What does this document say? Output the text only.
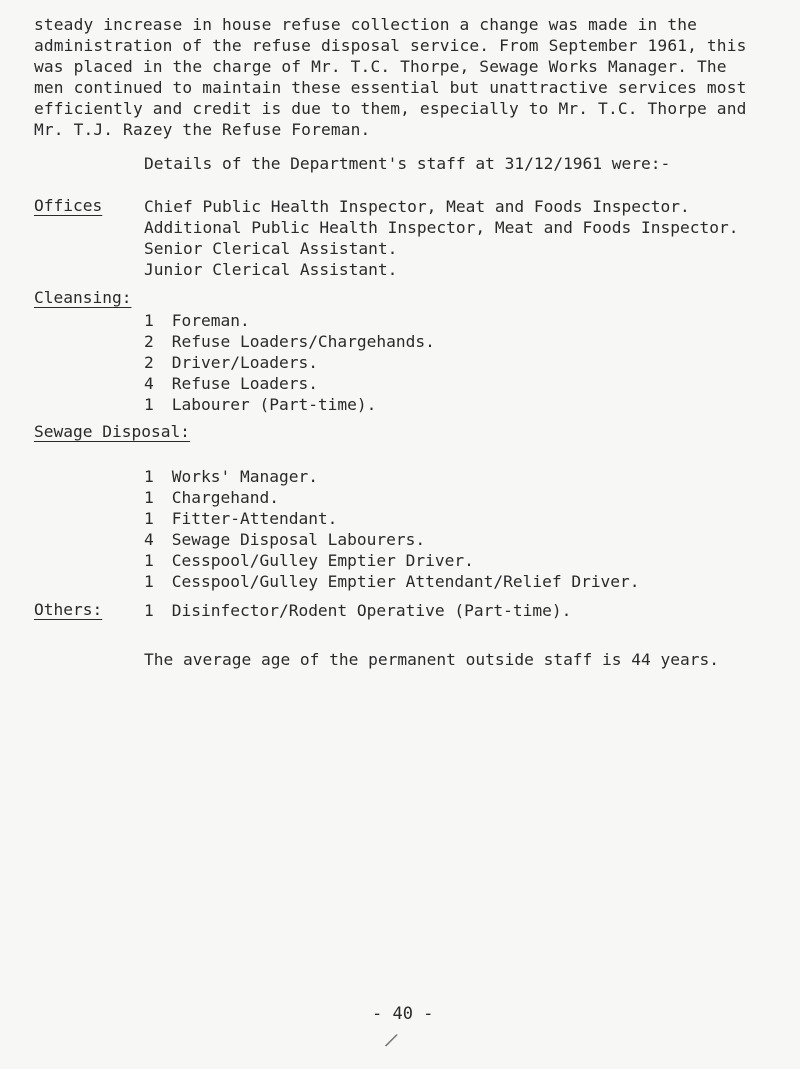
steady increase in house refuse collection a change was made in the
administration of the refuse disposal service. From September 1961, this
was placed in the charge of Mr. T.C. Thorpe, Sewage Works Manager. The
men continued to maintain these essential but unattractive services most
efficiently and credit is due to them, especially to Mr. T.C. Thorpe and
Mr. T.J. Razey the Refuse Foreman.

Details of the Department's staff at 31/12/1961 were:-
Offices	Chief Public Health Inspector, Meat and Foods Inspector.
Additional Public Health Inspector, Meat and Foods Inspector.
Senior Clerical Assistant.
Junior Clerical Assistant.
Cleansing:
1 Foreman.
2 Refuse Loaders/Chargehands.
2 Driver/Loaders.
4 Refuse Loaders.
1 Labourer (Part-time).
Sewage Disposal:
1 Works' Manager.
1 Chargehand.
1 Fitter-Attendant.
4 Sewage Disposal Labourers.
1 Cesspool/Gulley Emptier Driver.
1 Cesspool/Gulley Emptier Attendant/Relief Driver.
Others:	1 Disinfector/Rodent Operative (Part-time).
The average age of the permanent outside staff is 44 years.
- 40 -
/
